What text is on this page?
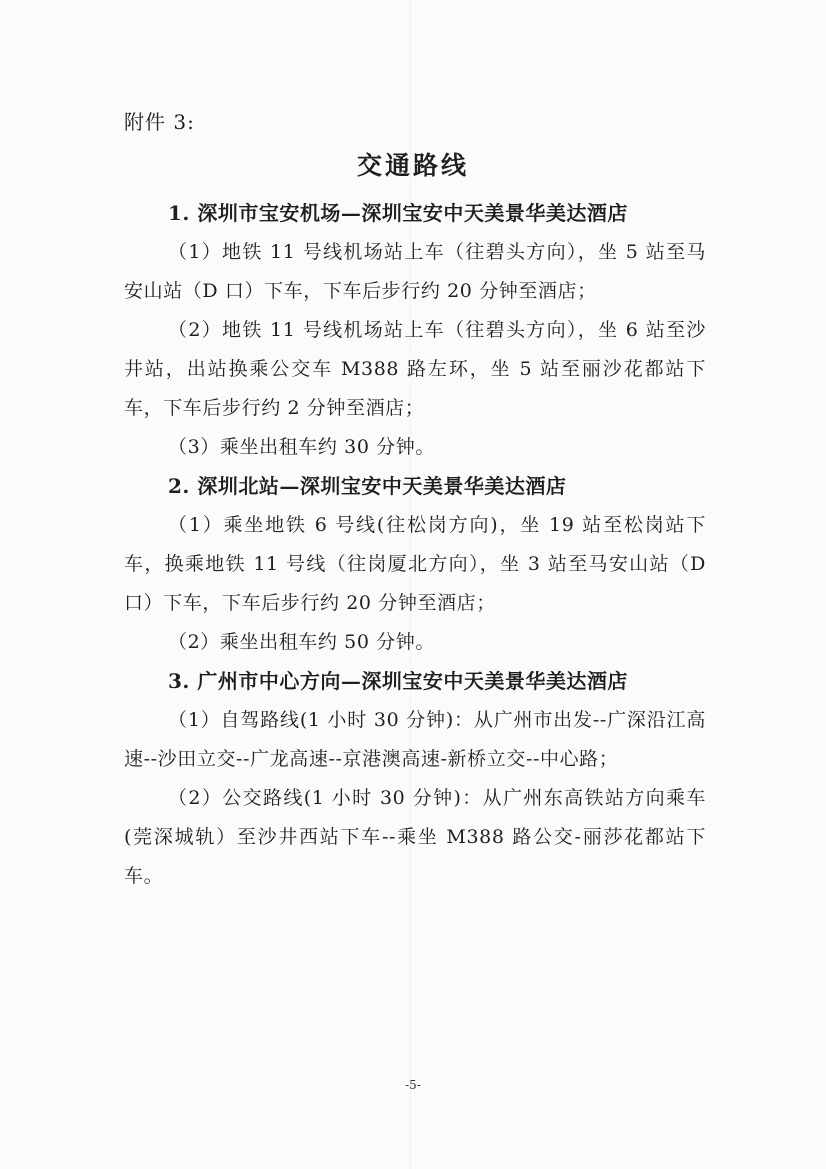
附件 3:
交通路线

1. 深圳市宝安机场—深圳宝安中天美景华美达酒店

（1）地铁 11 号线机场站上车（往碧头方向），坐 5 站至马安山站（D 口）下车，下车后步行约 20 分钟至酒店；

（2）地铁 11 号线机场站上车（往碧头方向），坐 6 站至沙井站，出站换乘公交车 M388 路左环，坐 5 站至丽沙花都站下车，下车后步行约 2 分钟至酒店；

（3）乘坐出租车约 30 分钟。

2. 深圳北站—深圳宝安中天美景华美达酒店

（1）乘坐地铁 6 号线(往松岗方向)，坐 19 站至松岗站下车，换乘地铁 11 号线（往岗厦北方向），坐 3 站至马安山站（D 口）下车，下车后步行约 20 分钟至酒店；

（2）乘坐出租车约 50 分钟。

3. 广州市中心方向—深圳宝安中天美景华美达酒店

（1）自驾路线(1 小时 30 分钟)：从广州市出发--广深沿江高速--沙田立交--广龙高速--京港澳高速-新桥立交--中心路；

（2）公交路线(1 小时 30 分钟)：从广州东高铁站方向乘车(莞深城轨）至沙井西站下车--乘坐 M388 路公交-丽莎花都站下车。

-5-
